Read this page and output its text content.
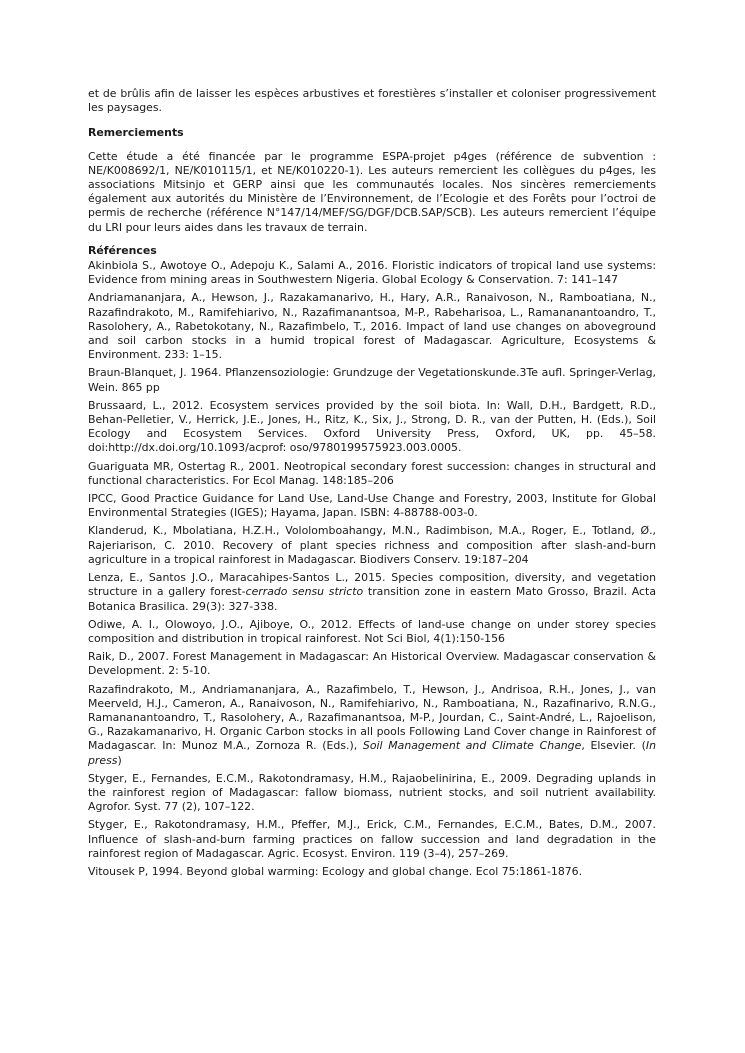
et de brûlis afin de laisser les espèces arbustives et forestières s’installer et coloniser progressivement les paysages.

Remerciements

Cette étude a été financée par le programme ESPA-projet p4ges (référence de subvention : NE/K008692/1, NE/K010115/1, et NE/K010220-1). Les auteurs remercient les collègues du p4ges, les associations Mitsinjo et GERP ainsi que les communautés locales. Nos sincères remerciements également aux autorités du Ministère de l’Environnement, de l’Ecologie et des Forêts pour l’octroi de permis de recherche (référence N°147/14/MEF/SG/DGF/DCB.SAP/SCB). Les auteurs remercient l’équipe du LRI pour leurs aides dans les travaux de terrain.

Références

Akinbiola S., Awotoye O., Adepoju K., Salami A., 2016. Floristic indicators of tropical land use systems: Evidence from mining areas in Southwestern Nigeria. Global Ecology & Conservation. 7: 141–147

Andriamananjara, A., Hewson, J., Razakamanarivo, H., Hary, A.R., Ranaivoson, N., Ramboatiana, N., Razafindrakoto, M., Ramifehiarivo, N., Razafimanantsoa, M-P., Rabeharisoa, L., Ramananantoandro, T., Rasolohery, A., Rabetokotany, N., Razafimbelo, T., 2016. Impact of land use changes on aboveground and soil carbon stocks in a humid tropical forest of Madagascar. Agriculture, Ecosystems & Environment. 233: 1–15.

Braun-Blanquet, J. 1964. Pflanzensoziologie: Grundzuge der Vegetationskunde.3Te aufl. Springer-Verlag, Wein. 865 pp

Brussaard, L., 2012. Ecosystem services provided by the soil biota. In: Wall, D.H., Bardgett, R.D., Behan-Pelletier, V., Herrick, J.E., Jones, H., Ritz, K., Six, J., Strong, D. R., van der Putten, H. (Eds.), Soil Ecology and Ecosystem Services. Oxford University Press, Oxford, UK, pp. 45–58. doi:http://dx.doi.org/10.1093/acprof: oso/9780199575923.003.0005.

Guariguata MR, Ostertag R., 2001. Neotropical secondary forest succession: changes in structural and functional characteristics. For Ecol Manag. 148:185–206

IPCC, Good Practice Guidance for Land Use, Land-Use Change and Forestry, 2003, Institute for Global Environmental Strategies (IGES); Hayama, Japan. ISBN: 4-88788-003-0.

Klanderud, K., Mbolatiana, H.Z.H., Vololomboahangy, M.N., Radimbison, M.A., Roger, E., Totland, Ø., Rajeriarison, C. 2010. Recovery of plant species richness and composition after slash-and-burn agriculture in a tropical rainforest in Madagascar. Biodivers Conserv. 19:187–204

Lenza, E., Santos J.O., Maracahipes-Santos L., 2015. Species composition, diversity, and vegetation structure in a gallery forest-cerrado sensu stricto transition zone in eastern Mato Grosso, Brazil. Acta Botanica Brasilica. 29(3): 327-338.

Odiwe, A. I., Olowoyo, J.O., Ajiboye, O., 2012. Effects of land-use change on under storey species composition and distribution in tropical rainforest. Not Sci Biol, 4(1):150-156

Raik, D., 2007. Forest Management in Madagascar: An Historical Overview. Madagascar conservation & Development. 2: 5-10.

Razafindrakoto, M., Andriamananjara, A., Razafimbelo, T., Hewson, J., Andrisoa, R.H., Jones, J., van Meerveld, H.J., Cameron, A., Ranaivoson, N., Ramifehiarivo, N., Ramboatiana, N., Razafinarivo, R.N.G., Ramananantoandro, T., Rasolohery, A., Razafimanantsoa, M-P., Jourdan, C., Saint-André, L., Rajoelison, G., Razakamanarivo, H. Organic Carbon stocks in all pools Following Land Cover change in Rainforest of Madagascar. In: Munoz M.A., Zornoza R. (Eds.), Soil Management and Climate Change, Elsevier. (In press)

Styger, E., Fernandes, E.C.M., Rakotondramasy, H.M., Rajaobelinirina, E., 2009. Degrading uplands in the rainforest region of Madagascar: fallow biomass, nutrient stocks, and soil nutrient availability. Agrofor. Syst. 77 (2), 107–122.

Styger, E., Rakotondramasy, H.M., Pfeffer, M.J., Erick, C.M., Fernandes, E.C.M., Bates, D.M., 2007. Influence of slash-and-burn farming practices on fallow succession and land degradation in the rainforest region of Madagascar. Agric. Ecosyst. Environ. 119 (3–4), 257–269.

Vitousek P, 1994. Beyond global warming: Ecology and global change. Ecol 75:1861-1876.
